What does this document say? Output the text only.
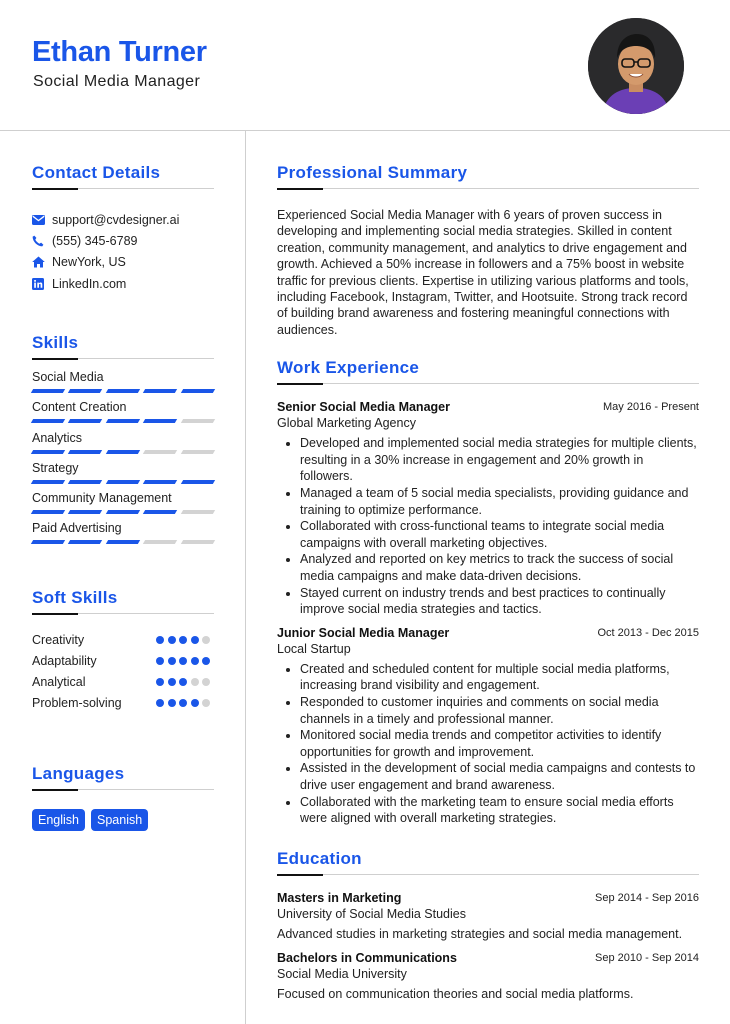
Ethan Turner
Social Media Manager
Contact Details
support@cvdesigner.ai
(555) 345-6789
NewYork, US
LinkedIn.com
Skills
Social Media
Content Creation
Analytics
Strategy
Community Management
Paid Advertising
Soft Skills
Creativity
Adaptability
Analytical
Problem-solving
Languages
English	Spanish
Professional Summary
Experienced Social Media Manager with 6 years of proven success in developing and implementing social media strategies. Skilled in content creation, community management, and analytics to drive engagement and growth. Achieved a 50% increase in followers and a 75% boost in website traffic for previous clients. Expertise in utilizing various platforms and tools, including Facebook, Instagram, Twitter, and Hootsuite. Strong track record of building brand awareness and fostering meaningful connections with audiences.
Work Experience
Senior Social Media Manager	May 2016 - Present
Global Marketing Agency
• Developed and implemented social media strategies for multiple clients, resulting in a 30% increase in engagement and 20% growth in followers.
• Managed a team of 5 social media specialists, providing guidance and training to optimize performance.
• Collaborated with cross-functional teams to integrate social media campaigns with overall marketing objectives.
• Analyzed and reported on key metrics to track the success of social media campaigns and make data-driven decisions.
• Stayed current on industry trends and best practices to continually improve social media strategies and tactics.
Junior Social Media Manager	Oct 2013 - Dec 2015
Local Startup
• Created and scheduled content for multiple social media platforms, increasing brand visibility and engagement.
• Responded to customer inquiries and comments on social media channels in a timely and professional manner.
• Monitored social media trends and competitor activities to identify opportunities for growth and improvement.
• Assisted in the development of social media campaigns and contests to drive user engagement and brand awareness.
• Collaborated with the marketing team to ensure social media efforts were aligned with overall marketing strategies.
Education
Masters in Marketing	Sep 2014 - Sep 2016
University of Social Media Studies
Advanced studies in marketing strategies and social media management.
Bachelors in Communications	Sep 2010 - Sep 2014
Social Media University
Focused on communication theories and social media platforms.
